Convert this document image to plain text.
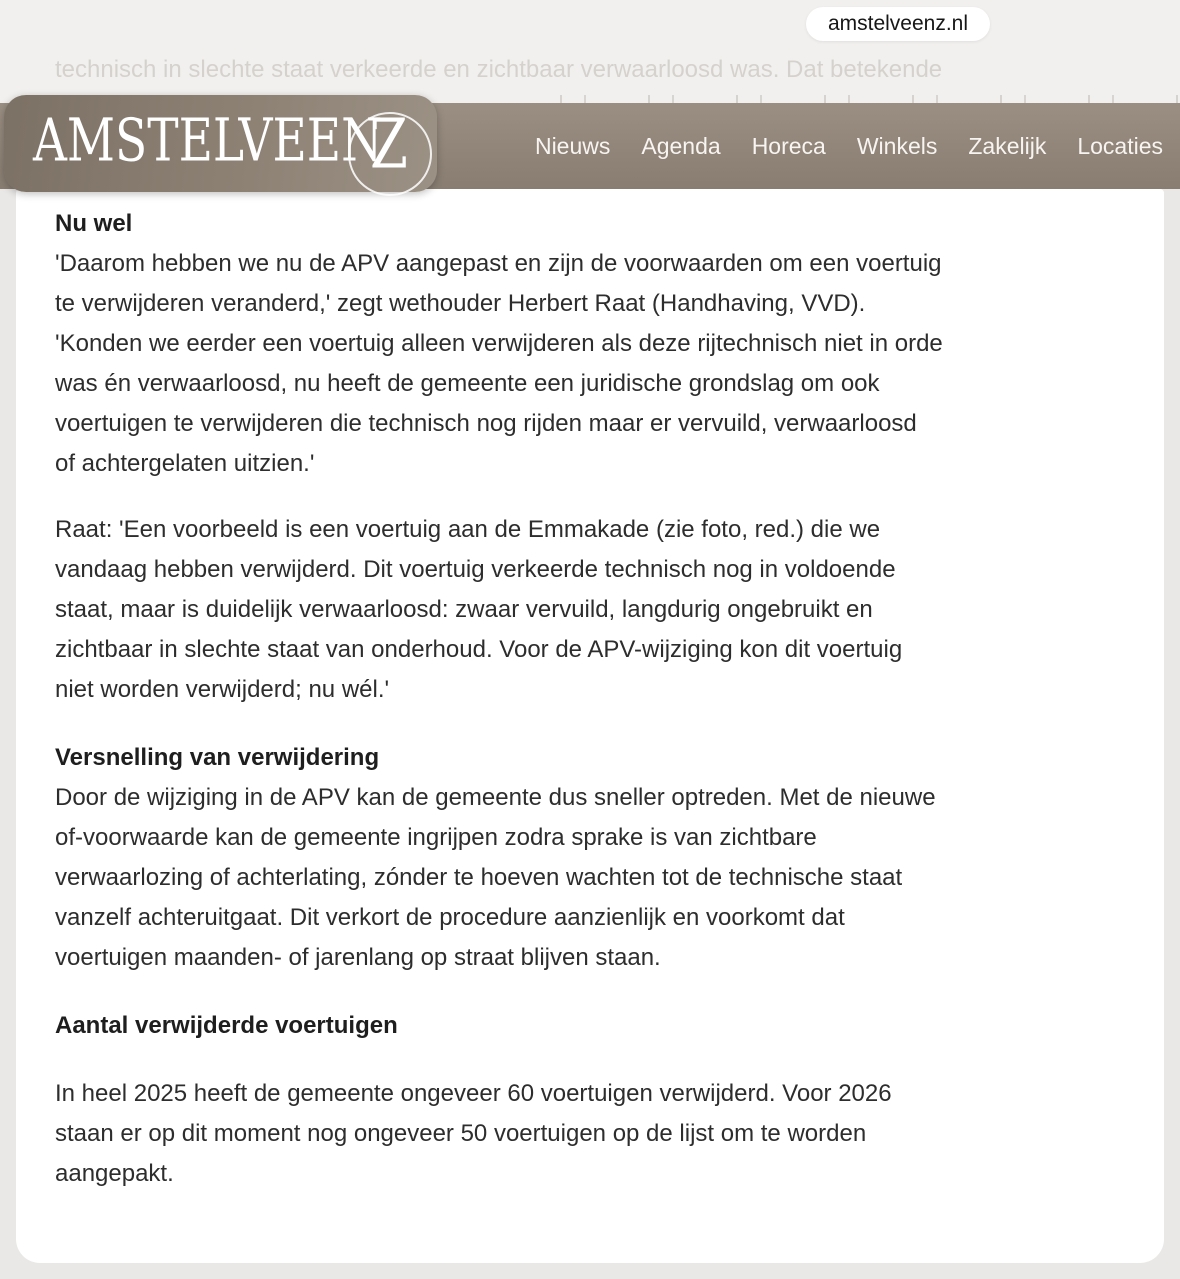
technisch in slechte staat verkeerde en zichtbaar verwaarloosd was. Dat betekende
amstelveenz.nl
Nieuws Agenda Horeca Winkels Zakelijk Locaties
AMSTELVEENZ
Nu wel
'Daarom hebben we nu de APV aangepast en zijn de voorwaarden om een voertuig
te verwijderen veranderd,' zegt wethouder Herbert Raat (Handhaving, VVD).
'Konden we eerder een voertuig alleen verwijderen als deze rijtechnisch niet in orde
was én verwaarloosd, nu heeft de gemeente een juridische grondslag om ook
voertuigen te verwijderen die technisch nog rijden maar er vervuild, verwaarloosd
of achtergelaten uitzien.'
Raat: 'Een voorbeeld is een voertuig aan de Emmakade (zie foto, red.) die we
vandaag hebben verwijderd. Dit voertuig verkeerde technisch nog in voldoende
staat, maar is duidelijk verwaarloosd: zwaar vervuild, langdurig ongebruikt en
zichtbaar in slechte staat van onderhoud. Voor de APV-wijziging kon dit voertuig
niet worden verwijderd; nu wél.'
Versnelling van verwijdering
Door de wijziging in de APV kan de gemeente dus sneller optreden. Met de nieuwe
of-voorwaarde kan de gemeente ingrijpen zodra sprake is van zichtbare
verwaarlozing of achterlating, zónder te hoeven wachten tot de technische staat
vanzelf achteruitgaat. Dit verkort de procedure aanzienlijk en voorkomt dat
voertuigen maanden- of jarenlang op straat blijven staan.
Aantal verwijderde voertuigen
In heel 2025 heeft de gemeente ongeveer 60 voertuigen verwijderd. Voor 2026
staan er op dit moment nog ongeveer 50 voertuigen op de lijst om te worden
aangepakt.
